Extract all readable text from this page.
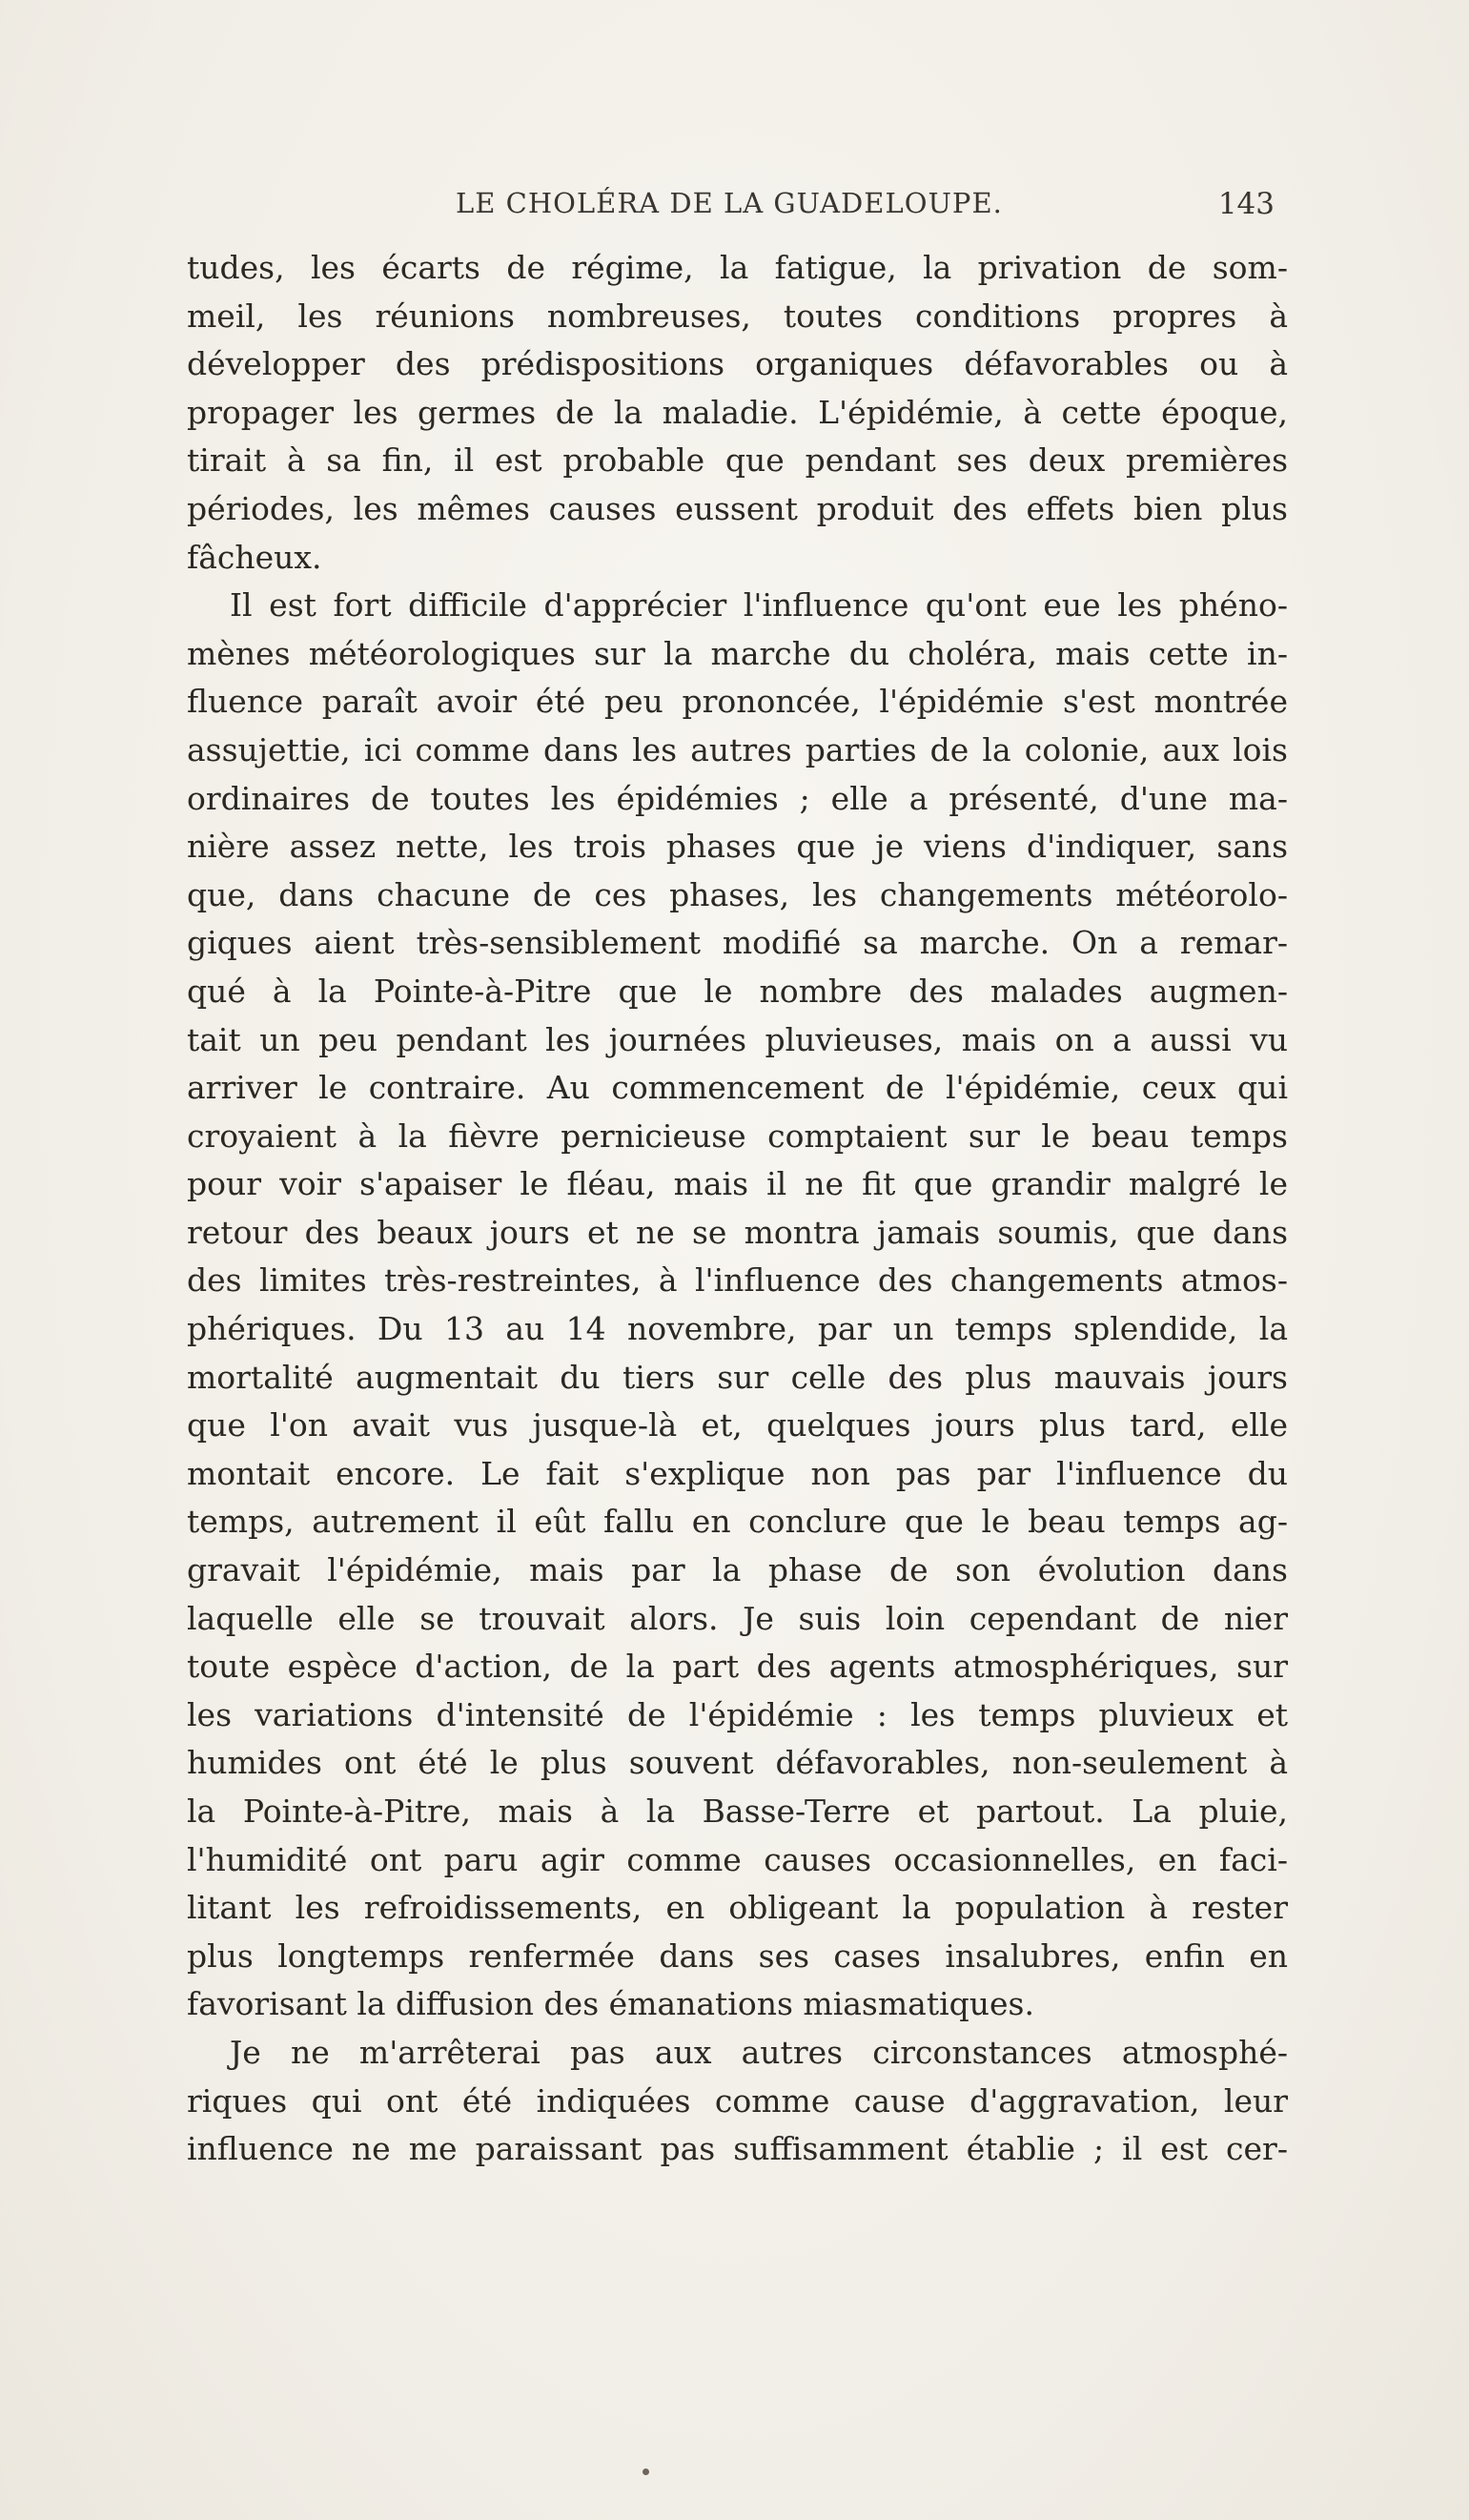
LE CHOLÉRA DE LA GUADELOUPE.	143
tudes, les écarts de régime, la fatigue, la privation de som-
meil, les réunions nombreuses, toutes conditions propres à
développer des prédispositions organiques défavorables ou à
propager les germes de la maladie. L'épidémie, à cette époque,
tirait à sa fin, il est probable que pendant ses deux premières
périodes, les mêmes causes eussent produit des effets bien plus
fâcheux.
Il est fort difficile d'apprécier l'influence qu'ont eue les phéno-
mènes météorologiques sur la marche du choléra, mais cette in-
fluence paraît avoir été peu prononcée, l'épidémie s'est montrée
assujettie, ici comme dans les autres parties de la colonie, aux lois
ordinaires de toutes les épidémies ; elle a présenté, d'une ma-
nière assez nette, les trois phases que je viens d'indiquer, sans
que, dans chacune de ces phases, les changements météorolo-
giques aient très-sensiblement modifié sa marche. On a remar-
qué à la Pointe-à-Pitre que le nombre des malades augmen-
tait un peu pendant les journées pluvieuses, mais on a aussi vu
arriver le contraire. Au commencement de l'épidémie, ceux qui
croyaient à la fièvre pernicieuse comptaient sur le beau temps
pour voir s'apaiser le fléau, mais il ne fit que grandir malgré le
retour des beaux jours et ne se montra jamais soumis, que dans
des limites très-restreintes, à l'influence des changements atmos-
phériques. Du 13 au 14 novembre, par un temps splendide, la
mortalité augmentait du tiers sur celle des plus mauvais jours
que l'on avait vus jusque-là et, quelques jours plus tard, elle
montait encore. Le fait s'explique non pas par l'influence du
temps, autrement il eût fallu en conclure que le beau temps ag-
gravait l'épidémie, mais par la phase de son évolution dans
laquelle elle se trouvait alors. Je suis loin cependant de nier
toute espèce d'action, de la part des agents atmosphériques, sur
les variations d'intensité de l'épidémie : les temps pluvieux et
humides ont été le plus souvent défavorables, non-seulement à
la Pointe-à-Pitre, mais à la Basse-Terre et partout. La pluie,
l'humidité ont paru agir comme causes occasionnelles, en faci-
litant les refroidissements, en obligeant la population à rester
plus longtemps renfermée dans ses cases insalubres, enfin en
favorisant la diffusion des émanations miasmatiques.
Je ne m'arrêterai pas aux autres circonstances atmosphé-
riques qui ont été indiquées comme cause d'aggravation, leur
influence ne me paraissant pas suffisamment établie ; il est cer-
